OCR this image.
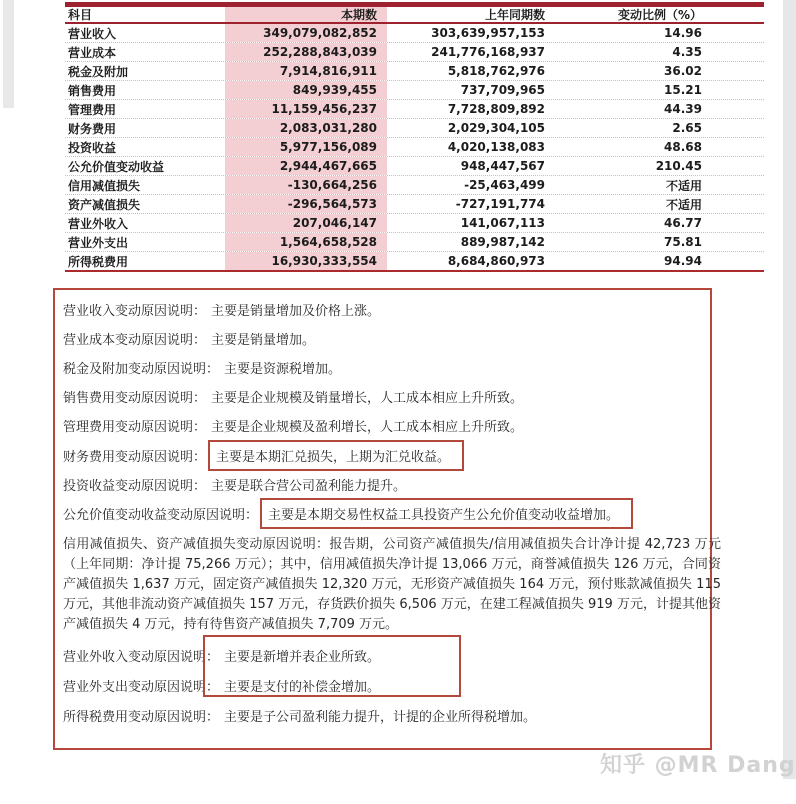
科目	本期数	上年同期数	变动比例（%）
营业收入	349,079,082,852	303,639,957,153	14.96
营业成本	252,288,843,039	241,776,168,937	4.35
税金及附加	7,914,816,911	5,818,762,976	36.02
销售费用	849,939,455	737,709,965	15.21
管理费用	11,159,456,237	7,728,809,892	44.39
财务费用	2,083,031,280	2,029,304,105	2.65
投资收益	5,977,156,089	4,020,138,083	48.68
公允价值变动收益	2,944,467,665	948,447,567	210.45
信用减值损失	-130,664,256	-25,463,499	不适用
资产减值损失	-296,564,573	-727,191,774	不适用
营业外收入	207,046,147	141,067,113	46.77
营业外支出	1,564,658,528	889,987,142	75.81
所得税费用	16,930,333,554	8,684,860,973	94.94
营业收入变动原因说明： 主要是销量增加及价格上涨。
营业成本变动原因说明： 主要是销量增加。
税金及附加变动原因说明： 主要是资源税增加。
销售费用变动原因说明： 主要是企业规模及销量增长，人工成本相应上升所致。
管理费用变动原因说明： 主要是企业规模及盈利增长，人工成本相应上升所致。
财务费用变动原因说明： 主要是本期汇兑损失，上期为汇兑收益。
投资收益变动原因说明： 主要是联合营公司盈利能力提升。
公允价值变动收益变动原因说明： 主要是本期交易性权益工具投资产生公允价值变动收益增加。
营业外收入变动原因说明： 主要是新增并表企业所致。
营业外支出变动原因说明： 主要是支付的补偿金增加。
所得税费用变动原因说明： 主要是子公司盈利能力提升，计提的企业所得税增加。
信用减值损失、资产减值损失变动原因说明：报告期，公司资产减值损失/信用减值损失合计净计提 42,723 万元（上年同期：净计提 75,266 万元）；其中，信用减值损失净计提 13,066 万元，商誉减值损失 126 万元，合同资产减值损失 1,637 万元，固定资产减值损失 12,320 万元，无形资产减值损失 164 万元，预付账款减值损失 115 万元，其他非流动资产减值损失 157 万元，存货跌价损失 6,506 万元，在建工程减值损失 919 万元，计提其他资产减值损失 4 万元，持有待售资产减值损失 7,709 万元。
知乎 @MR Dang
